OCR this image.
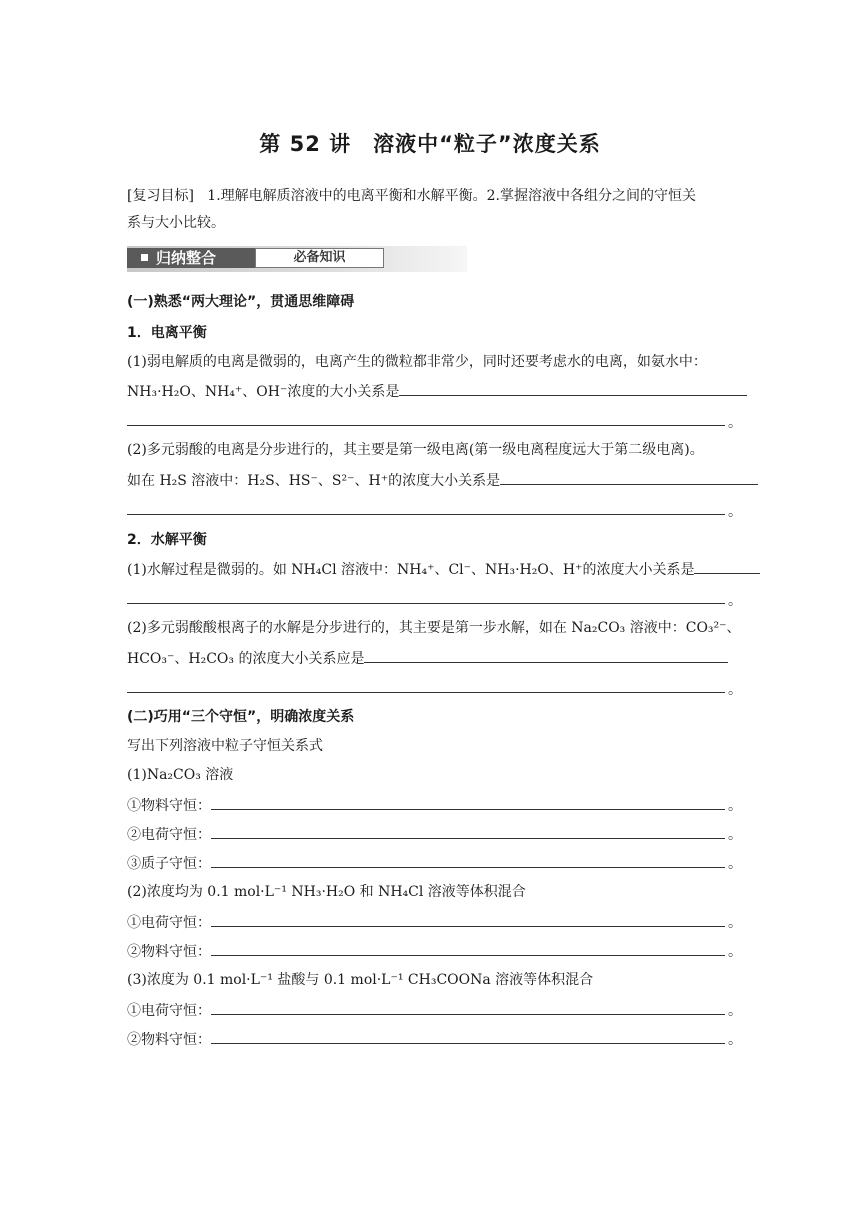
第 52 讲　溶液中“粒子”浓度关系
[复习目标] 1.理解电解质溶液中的电离平衡和水解平衡。2.掌握溶液中各组分之间的守恒关
系与大小比较。
归纳整合	必备知识
(一)熟悉“两大理论”，贯通思维障碍
1．电离平衡
(1)弱电解质的电离是微弱的，电离产生的微粒都非常少，同时还要考虑水的电离，如氨水中：
NH₃·H₂O、NH₄⁺、OH⁻浓度的大小关系是
。
(2)多元弱酸的电离是分步进行的，其主要是第一级电离(第一级电离程度远大于第二级电离)。
如在 H₂S 溶液中：H₂S、HS⁻、S²⁻、H⁺的浓度大小关系是
。
2．水解平衡
(1)水解过程是微弱的。如 NH₄Cl 溶液中：NH₄⁺、Cl⁻、NH₃·H₂O、H⁺的浓度大小关系是
。
(2)多元弱酸酸根离子的水解是分步进行的，其主要是第一步水解，如在 Na₂CO₃ 溶液中：CO₃²⁻、
HCO₃⁻、H₂CO₃ 的浓度大小关系应是
。
(二)巧用“三个守恒”，明确浓度关系
写出下列溶液中粒子守恒关系式
(1)Na₂CO₃ 溶液
①物料守恒：	。
②电荷守恒：	。
③质子守恒：	。
(2)浓度均为 0.1 mol·L⁻¹ NH₃·H₂O 和 NH₄Cl 溶液等体积混合
①电荷守恒：	。
②物料守恒：	。
(3)浓度为 0.1 mol·L⁻¹ 盐酸与 0.1 mol·L⁻¹ CH₃COONa 溶液等体积混合
①电荷守恒：	。
②物料守恒：	。
